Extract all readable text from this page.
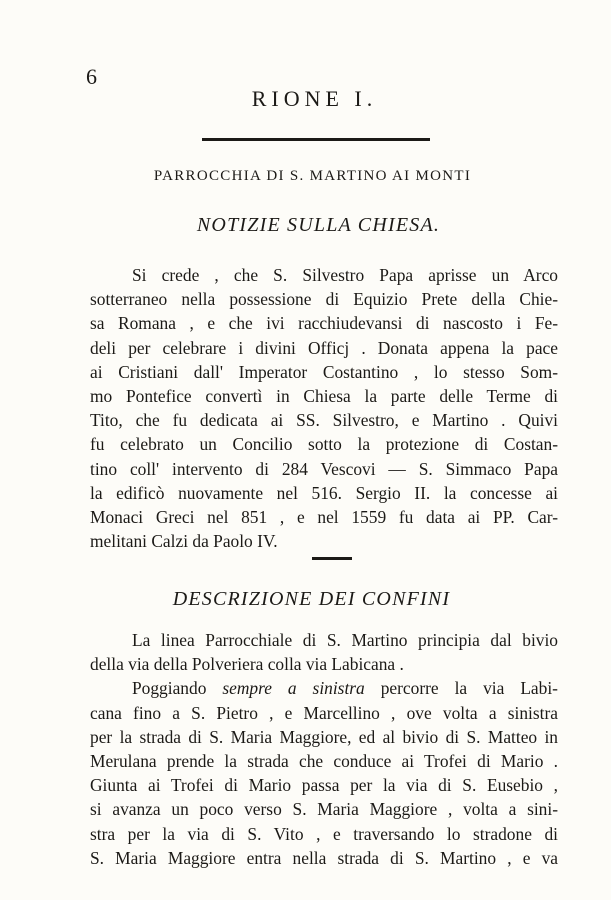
6
RIONE I.
PARROCCHIA DI S. MARTINO AI MONTI
NOTIZIE SULLA CHIESA.
Si crede , che S. Silvestro Papa aprisse un Arco
sotterraneo nella possessione di Equizio Prete della Chie-
sa Romana , e che ivi racchiudevansi di nascosto i Fe-
deli per celebrare i divini Officj . Donata appena la pace
ai Cristiani dall' Imperator Costantino , lo stesso Som-
mo Pontefice convertì in Chiesa la parte delle Terme di
Tito, che fu dedicata ai SS. Silvestro, e Martino . Quivi
fu celebrato un Concilio sotto la protezione di Costan-
tino coll' intervento di 284 Vescovi — S. Simmaco Papa
la edificò nuovamente nel 516. Sergio II. la concesse ai
Monaci Greci nel 851 , e nel 1559 fu data ai PP. Car-
melitani Calzi da Paolo IV.
DESCRIZIONE DEI CONFINI
La linea Parrocchiale di S. Martino principia dal bivio
della via della Polveriera colla via Labicana .
Poggiando sempre a sinistra percorre la via Labi-
cana fino a S. Pietro , e Marcellino , ove volta a sinistra
per la strada di S. Maria Maggiore, ed al bivio di S. Matteo in
Merulana prende la strada che conduce ai Trofei di Mario .
Giunta ai Trofei di Mario passa per la via di S. Eusebio ,
si avanza un poco verso S. Maria Maggiore , volta a sini-
stra per la via di S. Vito , e traversando lo stradone di
S. Maria Maggiore entra nella strada di S. Martino , e va
